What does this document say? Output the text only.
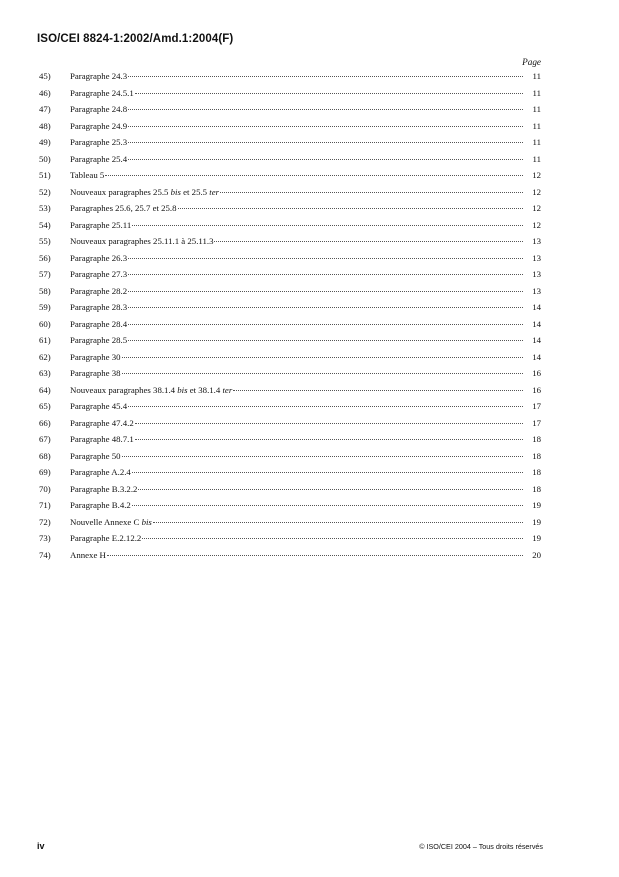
ISO/CEI 8824-1:2002/Amd.1:2004(F)
Page
45)	Paragraphe 24.3	11
46)	Paragraphe 24.5.1	11
47)	Paragraphe 24.8	11
48)	Paragraphe 24.9	11
49)	Paragraphe 25.3	11
50)	Paragraphe 25.4	11
51)	Tableau 5	12
52)	Nouveaux paragraphes 25.5 bis et 25.5 ter	12
53)	Paragraphes 25.6, 25.7 et 25.8	12
54)	Paragraphe 25.11	12
55)	Nouveaux paragraphes 25.11.1 à 25.11.3	13
56)	Paragraphe 26.3	13
57)	Paragraphe 27.3	13
58)	Paragraphe 28.2	13
59)	Paragraphe 28.3	14
60)	Paragraphe 28.4	14
61)	Paragraphe 28.5	14
62)	Paragraphe 30	14
63)	Paragraphe 38	16
64)	Nouveaux paragraphes 38.1.4 bis et 38.1.4 ter	16
65)	Paragraphe 45.4	17
66)	Paragraphe 47.4.2	17
67)	Paragraphe 48.7.1	18
68)	Paragraphe 50	18
69)	Paragraphe A.2.4	18
70)	Paragraphe B.3.2.2	18
71)	Paragraphe B.4.2	19
72)	Nouvelle Annexe C bis	19
73)	Paragraphe E.2.12.2	19
74)	Annexe H	20
iv	© ISO/CEI 2004 – Tous droits réservés
